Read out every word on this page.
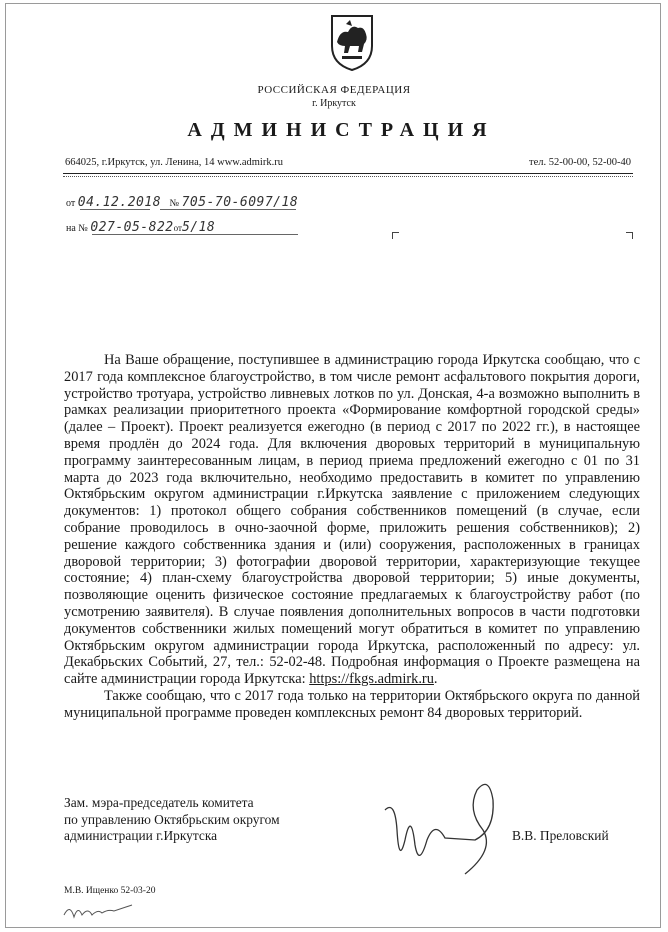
РОССИЙСКАЯ ФЕДЕРАЦИЯ
г. Иркутск
АДМИНИСТРАЦИЯ
664025, г.Иркутск, ул. Ленина, 14 www.admirk.ru	тел. 52-00-00, 52-00-40
от 04.12.2018 № 705-70-6097/18
на № 027-05-822от5/18

На Ваше обращение, поступившее в администрацию города Иркутска сообщаю, что с 2017 года комплексное благоустройство, в том числе ремонт асфальтового покрытия дороги, устройство тротуара, устройство ливневых лотков по ул. Донская, 4-а возможно выполнить в рамках реализации приоритетного проекта «Формирование комфортной городской среды» (далее – Проект). Проект реализуется ежегодно (в период с 2017 по 2022 гг.), в настоящее время продлён до 2024 года. Для включения дворовых территорий в муниципальную программу заинтересованным лицам, в период приема предложений ежегодно с 01 по 31 марта до 2023 года включительно, необходимо предоставить в комитет по управлению Октябрьским округом администрации г.Иркутска заявление с приложением следующих документов: 1) протокол общего собрания собственников помещений (в случае, если собрание проводилось в очно-заочной форме, приложить решения собственников); 2) решение каждого собственника здания и (или) сооружения, расположенных в границах дворовой территории; 3) фотографии дворовой территории, характеризующие текущее состояние; 4) план-схему благоустройства дворовой территории; 5) иные документы, позволяющие оценить физическое состояние предлагаемых к благоустройству работ (по усмотрению заявителя). В случае появления дополнительных вопросов в части подготовки документов собственники жилых помещений могут обратиться в комитет по управлению Октябрьским округом администрации города Иркутска, расположенный по адресу: ул. Декабрьских Событий, 27, тел.: 52-02-48. Подробная информация о Проекте размещена на сайте администрации города Иркутска: https://fkgs.admirk.ru.

Также сообщаю, что с 2017 года только на территории Октябрьского округа по данной муниципальной программе проведен комплексных ремонт 84 дворовых территорий.

Зам. мэра-председатель комитета
по управлению Октябрьским округом
администрации г.Иркутска	В.В. Преловский
М.В. Ищенко 52-03-20
